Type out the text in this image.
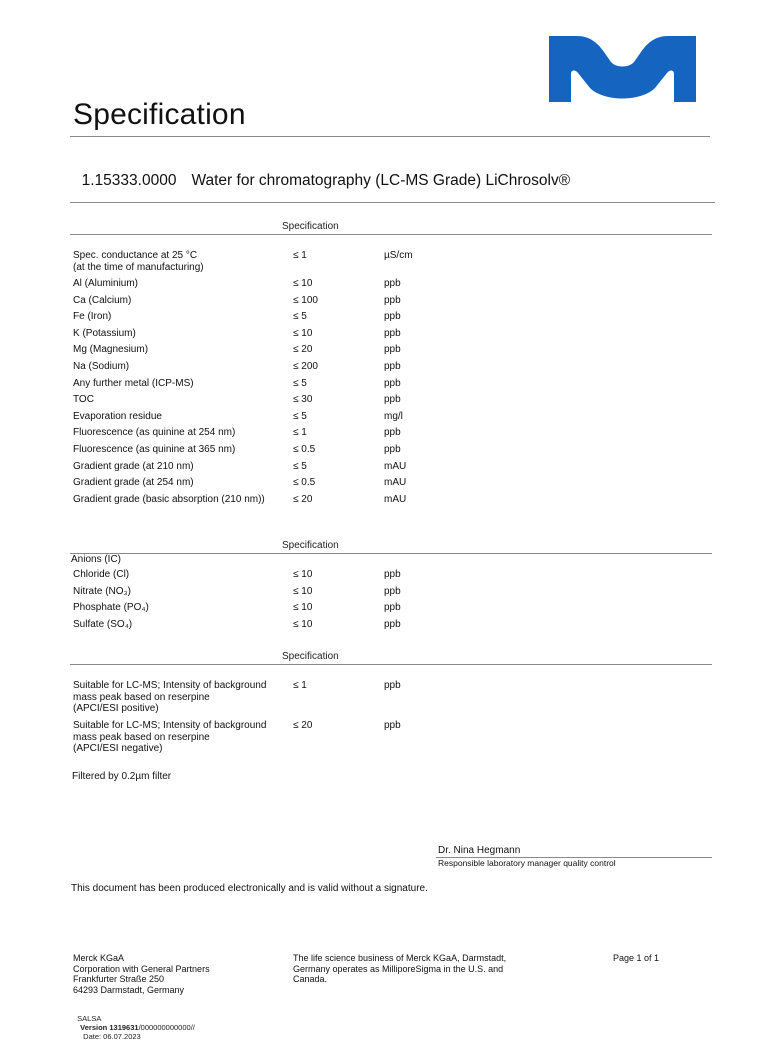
Specification

1.15333.0000 Water for chromatography (LC-MS Grade) LiChrosolv®

Specification
Spec. conductance at 25 °C
(at the time of manufacturing)
≤ 1	µS/cm
Al (Aluminium)	≤ 10	ppb
Ca (Calcium)	≤ 100	ppb
Fe (Iron)	≤ 5	ppb
K (Potassium)	≤ 10	ppb
Mg (Magnesium)	≤ 20	ppb
Na (Sodium)	≤ 200	ppb
Any further metal (ICP-MS)	≤ 5	ppb
TOC	≤ 30	ppb
Evaporation residue	≤ 5	mg/l
Fluorescence (as quinine at 254 nm)	≤ 1	ppb
Fluorescence (as quinine at 365 nm)	≤ 0.5	ppb
Gradient grade (at 210 nm)	≤ 5	mAU
Gradient grade (at 254 nm)	≤ 0.5	mAU
Gradient grade (basic absorption (210 nm))	≤ 20	mAU
Specification
Anions (IC)
Chloride (Cl)	≤ 10	ppb
Nitrate (NO₃)	≤ 10	ppb
Phosphate (PO₄)	≤ 10	ppb
Sulfate (SO₄)	≤ 10	ppb
Specification
Suitable for LC-MS; Intensity of background
mass peak based on reserpine
(APCI/ESI positive)
≤ 1	ppb
Suitable for LC-MS; Intensity of background
mass peak based on reserpine
(APCI/ESI negative)
≤ 20	ppb
Filtered by 0.2µm filter
Dr. Nina Hegmann
Responsible laboratory manager quality control
This document has been produced electronically and is valid without a signature.
Merck KGaA
Corporation with General Partners
Frankfurter Straße 250
64293 Darmstadt, Germany
The life science business of Merck KGaA, Darmstadt,
Germany operates as MilliporeSigma in the U.S. and
Canada.
Page 1 of 1

SALSA
Version 1319631/000000000000//
Date: 06.07.2023
